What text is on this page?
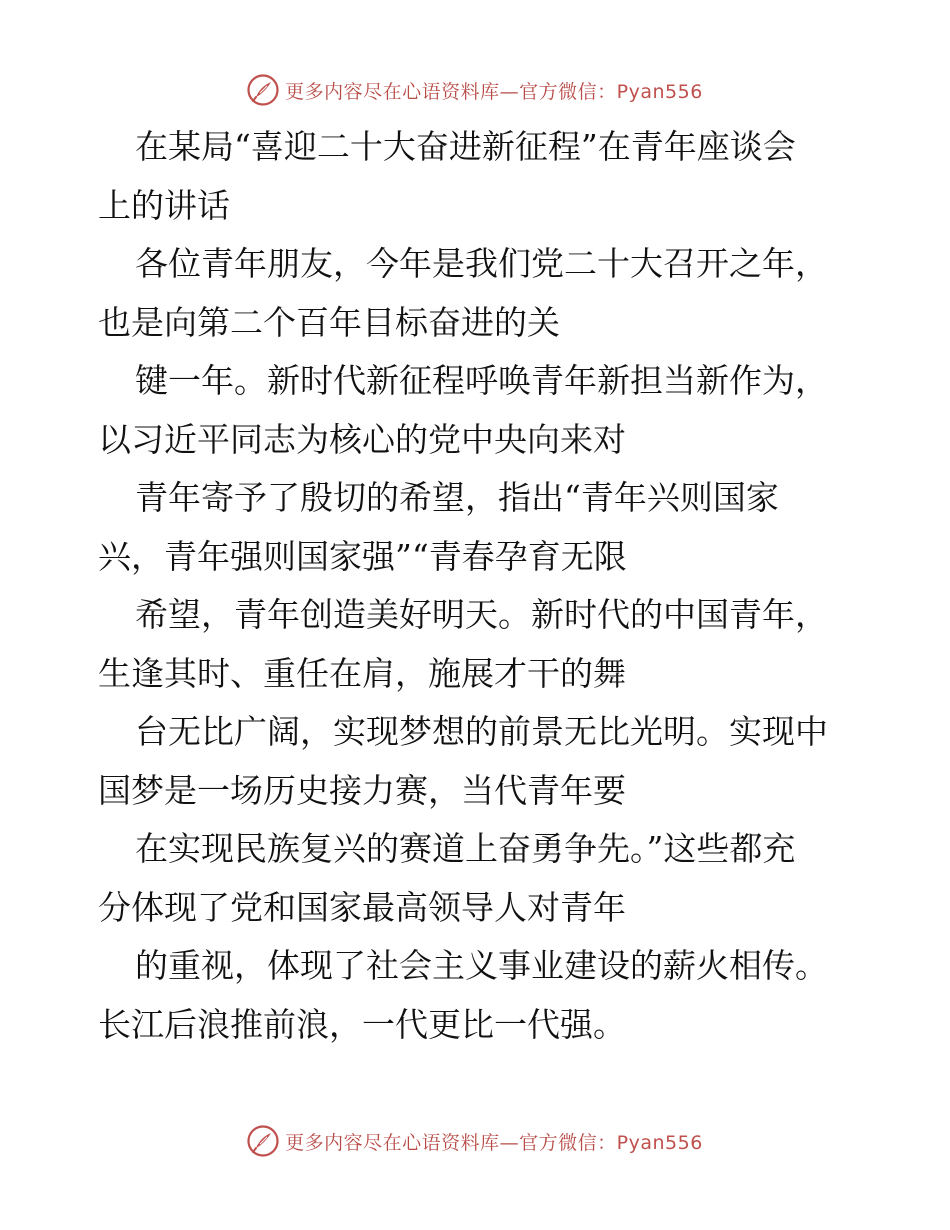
更多内容尽在心语资料库—官方微信：Pyan556

在某局“喜迎二十大奋进新征程”在青年座谈会
上的讲话

各位青年朋友，今年是我们党二十大召开之年，
也是向第二个百年目标奋进的关

键一年。新时代新征程呼唤青年新担当新作为，
以习近平同志为核心的党中央向来对

青年寄予了殷切的希望，指出“青年兴则国家
兴，青年强则国家强”“青春孕育无限

希望，青年创造美好明天。新时代的中国青年，
生逢其时、重任在肩，施展才干的舞

台无比广阔，实现梦想的前景无比光明。实现中
国梦是一场历史接力赛，当代青年要

在实现民族复兴的赛道上奋勇争先。”这些都充
分体现了党和国家最高领导人对青年

的重视，体现了社会主义事业建设的薪火相传。
长江后浪推前浪，一代更比一代强。

更多内容尽在心语资料库—官方微信：Pyan556
